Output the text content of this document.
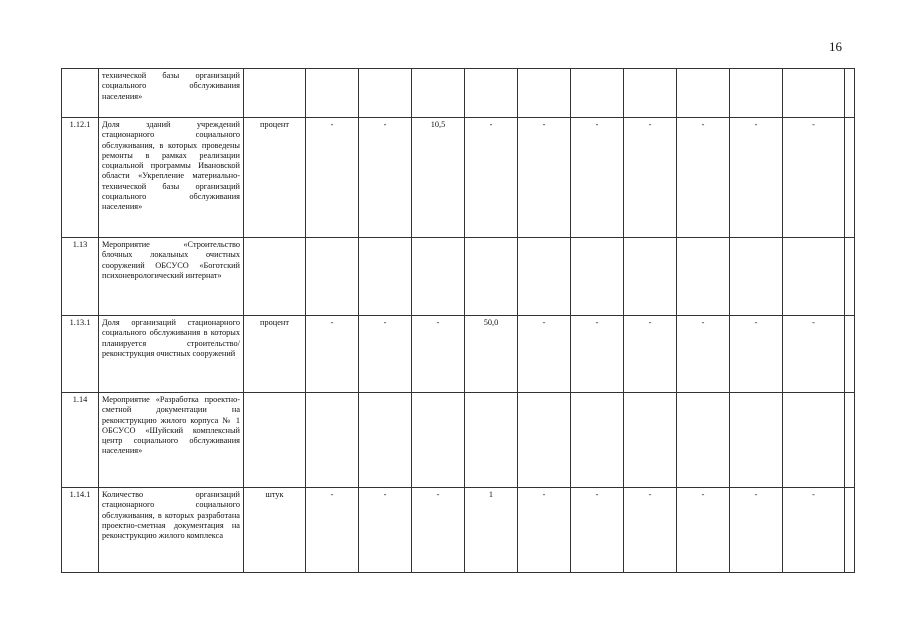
16
	технической базы организаций социального обслуживания населения»												
1.12.1	Доля зданий учреждений стационарного социального обслуживания, в которых проведены ремонты в рамках реализации социальной программы Ивановской области «Укрепление материально-технической базы организаций социального обслуживания населения»	процент	-	-	10,5	-	-	-	-	-	-	-	
1.13	Мероприятие «Строительство блочных локальных очистных сооружений ОБСУСО «Боготский психоневрологический интернат»												
1.13.1	Доля организаций стационарного социального обслуживания в которых планируется строительство/реконструкция очистных сооружений	процент	-	-	-	50,0	-	-	-	-	-	-	
1.14	Мероприятие «Разработка проектно-сметной документации на реконструкцию жилого корпуса № 1 ОБСУСО «Шуйский комплексный центр социального обслуживания населения»												
1.14.1	Количество организаций стационарного социального обслуживания, в которых разработана проектно-сметная документация на реконструкцию жилого комплекса	штук	-	-	-	1	-	-	-	-	-	-	
